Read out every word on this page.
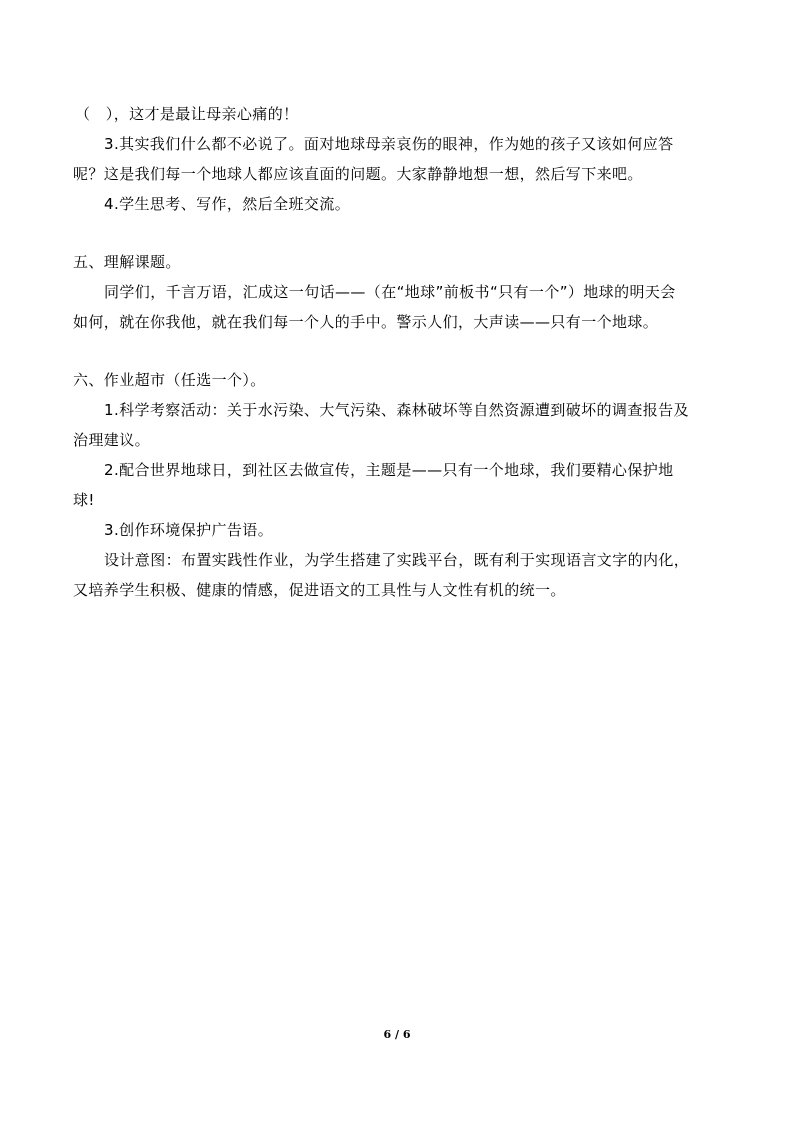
（　），这才是最让母亲心痛的！
3.其实我们什么都不必说了。面对地球母亲哀伤的眼神，作为她的孩子又该如何应答
呢？这是我们每一个地球人都应该直面的问题。大家静静地想一想，然后写下来吧。
4.学生思考、写作，然后全班交流。
五、理解课题。
同学们，千言万语，汇成这一句话——（在“地球”前板书“只有一个”）地球的明天会
如何，就在你我他，就在我们每一个人的手中。警示人们，大声读——只有一个地球。
六、作业超市（任选一个）。
1.科学考察活动：关于水污染、大气污染、森林破坏等自然资源遭到破坏的调查报告及
治理建议。
2.配合世界地球日，到社区去做宣传，主题是——只有一个地球，我们要精心保护地
球!
3.创作环境保护广告语。
设计意图：布置实践性作业，为学生搭建了实践平台，既有利于实现语言文字的内化，
又培养学生积极、健康的情感，促进语文的工具性与人文性有机的统一。
6 / 6
